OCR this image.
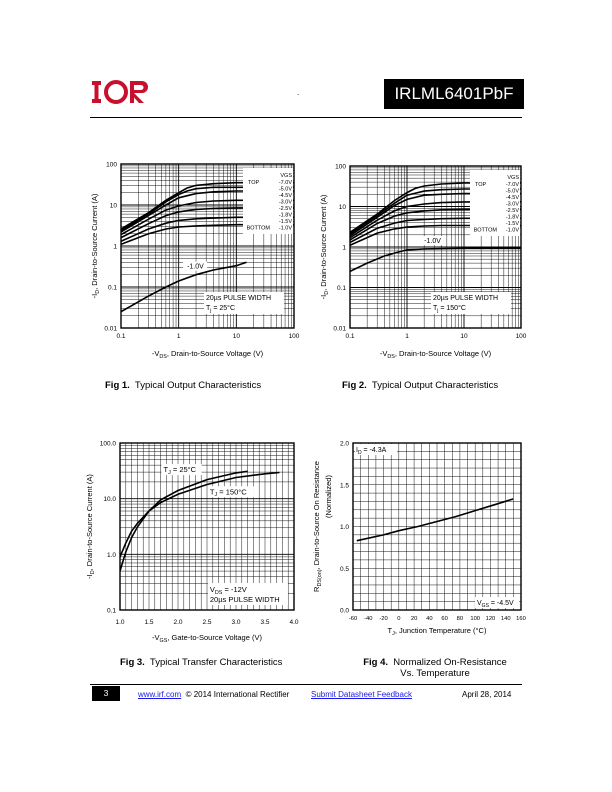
.	IRLML6401PbF
VGS
-7.0V
-5.0V
-4.5V
-3.0V
-2.5V
-1.8V
-1.5V
-1.0V
TOP
BOTTOM
-1.0V
20µs PULSE WIDTH
$T_j = 25^\circ C$
0.1	1	10	100
0.01
0.1
1
10
100
$-V_{DS}$, Drain-to-Source Voltage (V)
$-I_D$, Drain-to-Source Current (A)
VGS
-7.0V
-5.0V
-4.5V
-3.0V
-2.5V
-1.8V
-1.5V
-1.0V
TOP
BOTTOM
-1.0V
20µs PULSE WIDTH
$T_j = 150^\circ C$
0.1	1	10	100
0.01
0.1
1
10
100
$-V_{DS}$, Drain-to-Source Voltage (V)
$-I_D$, Drain-to-Source Current (A)
$T_J = 25^\circ C$
$T_J = 150^\circ C$
$V_{DS} = -12V$
20µs PULSE WIDTH
1.0	1.5	2.0	2.5	3.0	3.5	4.0
0.1
1.0
10.0
100.0
$-V_{GS}$, Gate-to-Source Voltage (V)
$-I_D$, Drain-to-Source Current (A)
$I_D = -4.3A$
$V_{GS} = -4.5V$
-60 -40 -20 0 20 40 60 80 100 120 140 160
0.0
0.5
1.0
1.5
2.0
$T_J$, Junction Temperature (°C)
$R_{DS(on)}$, Drain-to-Source On Resistance (Normalized)
Fig 1. Typical Output Characteristics	Fig 2. Typical Output Characteristics
Fig 3. Typical Transfer Characteristics	Fig 4. Normalized On-Resistance
Vs. Temperature
3	www.irf.com © 2014 International Rectifier	Submit Datasheet Feedback	April 28, 2014
